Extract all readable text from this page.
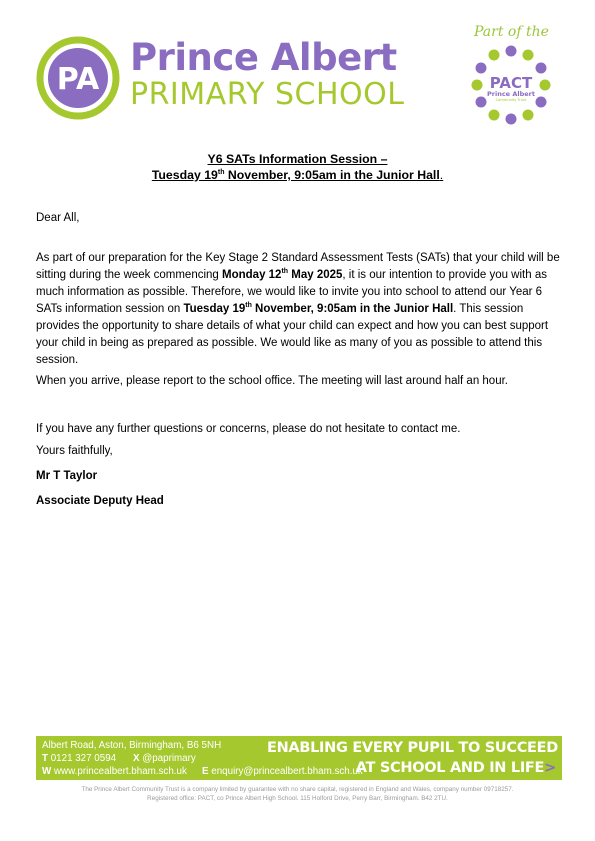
PA
Prince Albert
PRIMARY SCHOOL
Part of the
PACT
Prince Albert
Community Trust
Y6 SATs Information Session –
Tuesday 19th November, 9:05am in the Junior Hall.
Dear All,
As part of our preparation for the Key Stage 2 Standard Assessment Tests (SATs) that your child will be sitting during the week commencing Monday 12th May 2025, it is our intention to provide you with as much information as possible. Therefore, we would like to invite you into school to attend our Year 6 SATs information session on Tuesday 19th November, 9:05am in the Junior Hall. This session provides the opportunity to share details of what your child can expect and how you can best support your child in being as prepared as possible. We would like as many of you as possible to attend this session.
When you arrive, please report to the school office. The meeting will last around half an hour.
If you have any further questions or concerns, please do not hesitate to contact me.
Yours faithfully,
Mr T Taylor
Associate Deputy Head
Albert Road, Aston, Birmingham, B6 5NH
T 0121 327 0594 X @paprimary
W www.princealbert.bham.sch.uk E enquiry@princealbert.bham.sch.uk
ENABLING EVERY PUPIL TO SUCCEED
AT SCHOOL AND IN LIFE>
The Prince Albert Community Trust is a company limited by guarantee with no share capital, registered in England and Wales, company number 09718257.
Registered office: PACT, co Prince Albert High School. 115 Holford Drive, Perry Barr, Birmingham. B42 2TU.
